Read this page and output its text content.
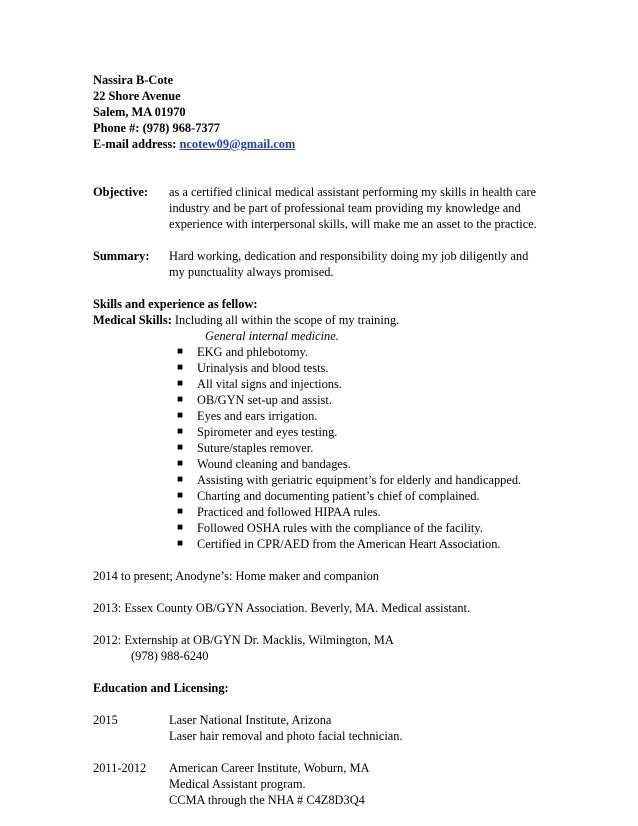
Nassira B-Cote
22 Shore Avenue
Salem, MA 01970
Phone #: (978) 968-7377
E-mail address: ncotew09@gmail.com
Objective:	as a certified clinical medical assistant performing my skills in health care
industry and be part of professional team providing my knowledge and
experience with interpersonal skills, will make me an asset to the practice.
Summary:	Hard working, dedication and responsibility doing my job diligently and
my punctuality always promised.
Skills and experience as fellow:
Medical Skills: Including all within the scope of my training.
General internal medicine.
■ EKG and phlebotomy.
■ Urinalysis and blood tests.
■ All vital signs and injections.
■ OB/GYN set-up and assist.
■ Eyes and ears irrigation.
■ Spirometer and eyes testing.
■ Suture/staples remover.
■ Wound cleaning and bandages.
■ Assisting with geriatric equipment’s for elderly and handicapped.
■ Charting and documenting patient’s chief of complained.
■ Practiced and followed HIPAA rules.
■ Followed OSHA rules with the compliance of the facility.
■ Certified in CPR/AED from the American Heart Association.
2014 to present; Anodyne’s: Home maker and companion
2013: Essex County OB/GYN Association. Beverly, MA. Medical assistant.
2012: Externship at OB/GYN Dr. Macklis, Wilmington, MA
(978) 988-6240
Education and Licensing:
2015	Laser National Institute, Arizona
Laser hair removal and photo facial technician.
2011-2012	American Career Institute, Woburn, MA
Medical Assistant program.
CCMA through the NHA # C4Z8D3Q4
